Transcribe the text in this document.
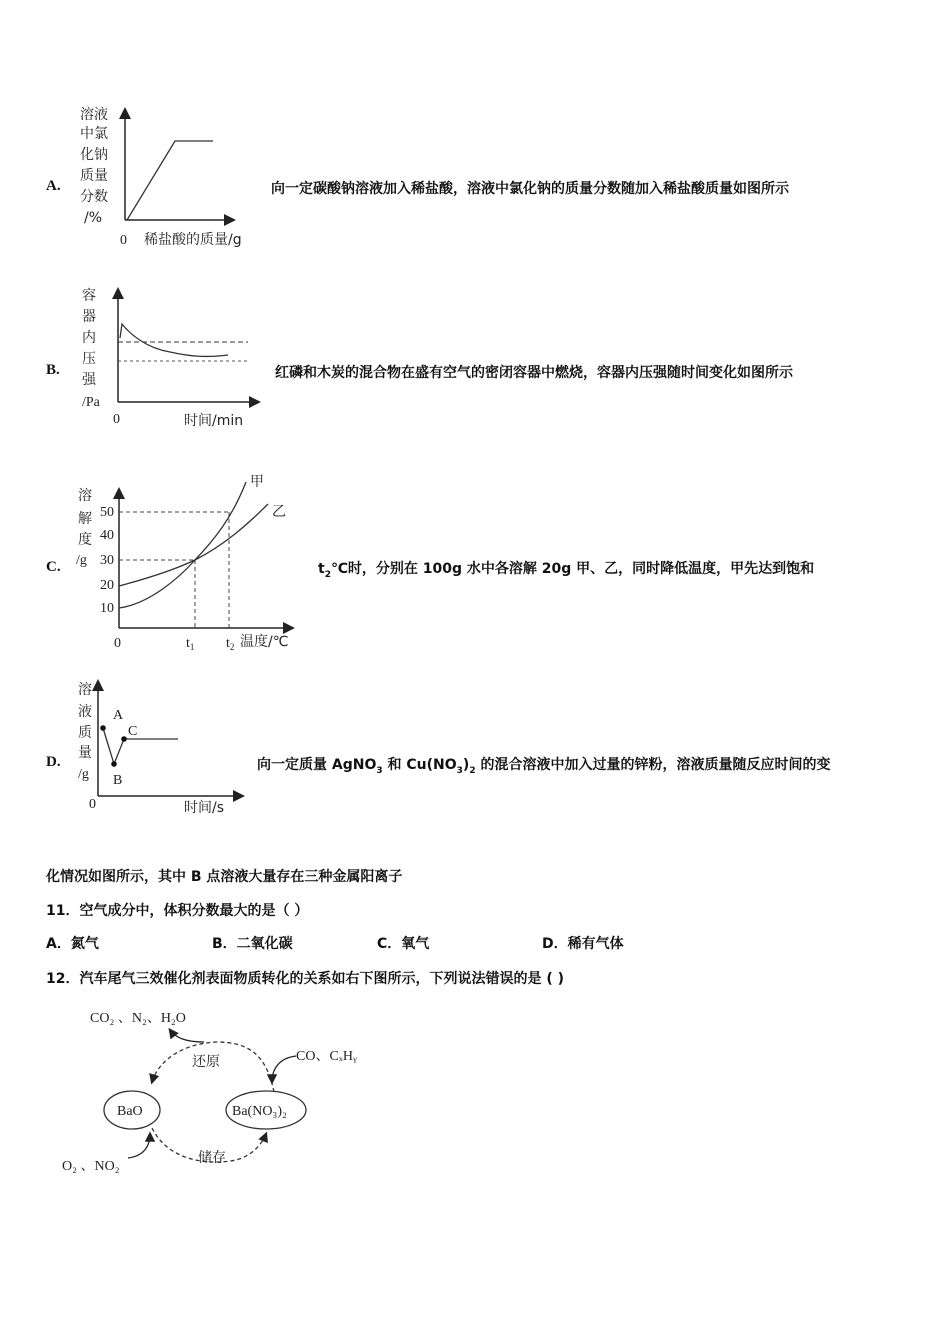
A.
溶液
中氯
化钠
质量
分数
/%
0 稀盐酸的质量/g
向一定碳酸钠溶液加入稀盐酸，溶液中氯化钠的质量分数随加入稀盐酸质量如图所示
B.
容
器
内
压
强
/Pa
0	时间/min
红磷和木炭的混合物在盛有空气的密闭容器中燃烧，容器内压强随时间变化如图所示
C.
溶
解
度
/g
50
40
30
20
10
甲
乙
0	$t_1$ $t_2$ 温度/℃
$t_2℃$时，分别在 100g 水中各溶解 20g 甲、乙，同时降低温度，甲先达到饱和
D.
溶
液
质
量
/g
A
B
C
0	时间/s
向一定质量 AgNO$_3$ 和 $Cu(NO_3)_2$ 的混合溶液中加入过量的锌粉，溶液质量随反应时间的变
化情况如图所示，其中 B 点溶液大量存在三种金属阳离子
11．空气成分中，体积分数最大的是（ ）
A．氮气	B．二氧化碳	C．氧气	D．稀有气体
12．汽车尾气三效催化剂表面物质转化的关系如右下图所示，下列说法错误的是 ( )
CO₂ 、N₂、H₂O
还原	CO、CₓHᵧ
BaO	Ba(NO₃)₂
储存
O₂ 、NO₂
